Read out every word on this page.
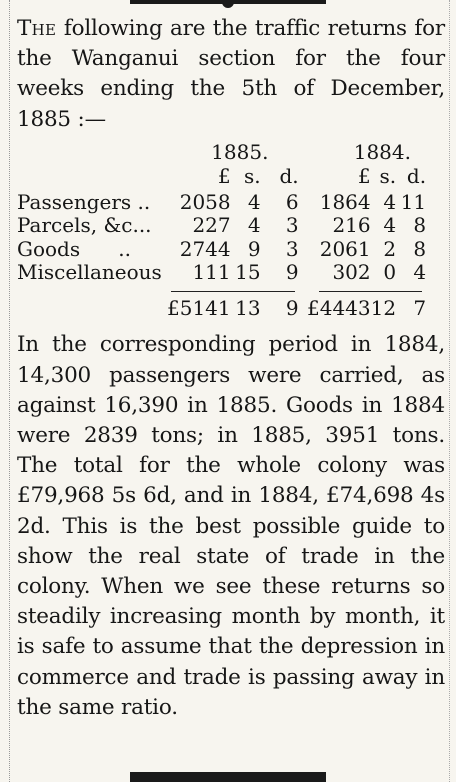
The following are the traffic returns for the Wanganui section for the four weeks ending the 5th of December, 1885 :—

	1885.			1884.		
	£	s.	d.	£	s.	d.
Passengers ..	2058	4	6	1864	4	11
Parcels, &c...	227	4	3	216	4	8
Goods      ..	2744	9	3	2061	2	8
Miscellaneous	111	15	9	302	0	4

	£5141	13	9	£4443	12	7

In the corresponding period in 1884, 14,300 passengers were carried, as against 16,390 in 1885. Goods in 1884 were 2839 tons; in 1885, 3951 tons. The total for the whole colony was £79,968 5s 6d, and in 1884, £74,698 4s 2d. This is the best possible guide to show the real state of trade in the colony. When we see these returns so steadily increasing month by month, it is safe to assume that the depression in commerce and trade is passing away in the same ratio.
